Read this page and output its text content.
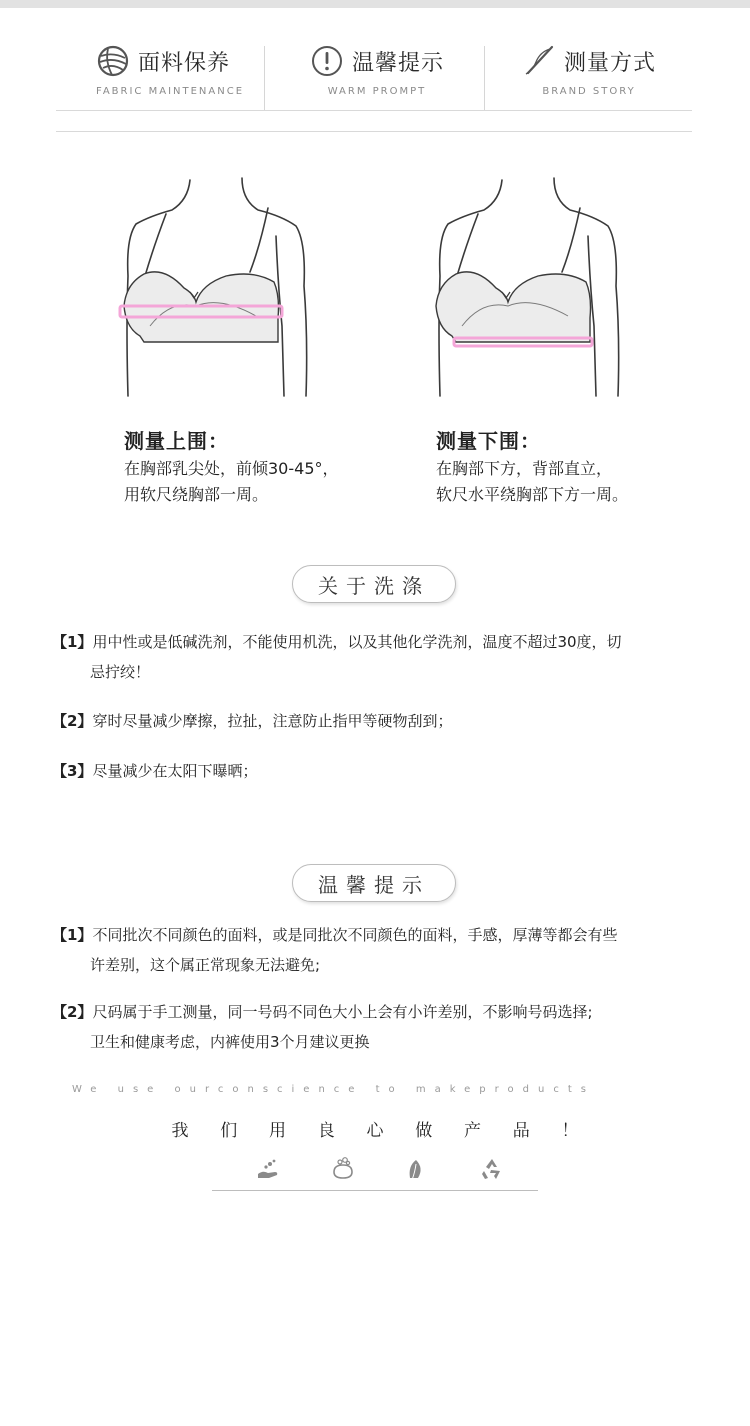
面料保养
FABRIC MAINTENANCE
温馨提示
WARM PROMPT
测量方式
BRAND STORY
测量上围：
在胸部乳尖处，前倾30-45°，
用软尺绕胸部一周。
测量下围：
在胸部下方，背部直立，
软尺水平绕胸部下方一周。
关于洗涤
【1】用中性或是低碱洗剂，不能使用机洗，以及其他化学洗剂，温度不超过30度，切
忌拧绞！
【2】穿时尽量减少摩擦，拉扯，注意防止指甲等硬物刮到；
【3】尽量减少在太阳下曝晒；
温馨提示
【1】不同批次不同颜色的面料，或是同批次不同颜色的面料，手感，厚薄等都会有些
许差别，这个属正常现象无法避免;
【2】尺码属于手工测量，同一号码不同色大小上会有小许差别，不影响号码选择;
卫生和健康考虑，内裤使用3个月建议更换
We use ourconscience to makeproducts
我	们	用	良	心	做	产	品	！
